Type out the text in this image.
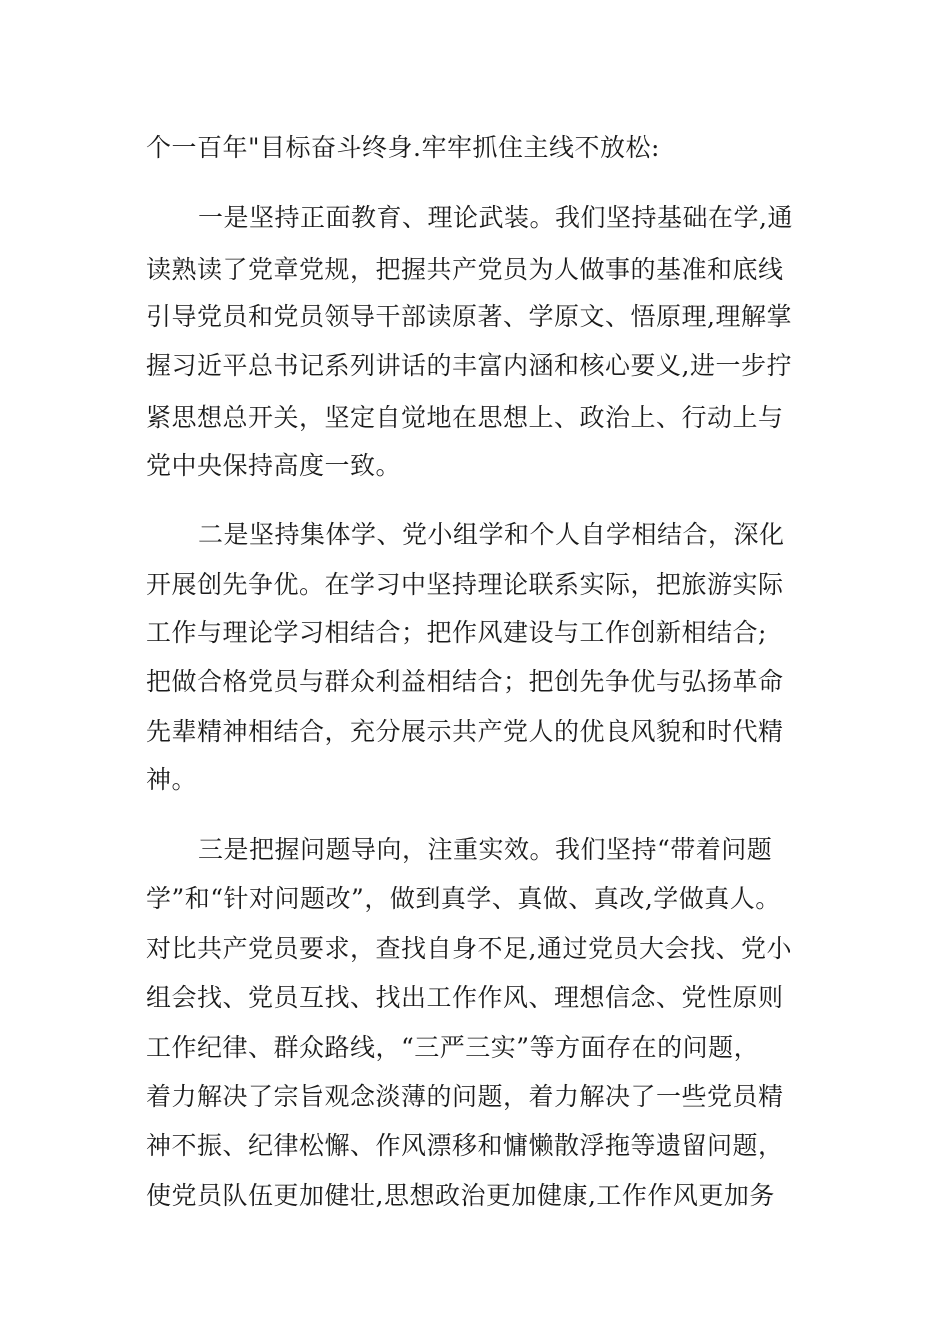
个一百年"目标奋斗终身.牢牢抓住主线不放松:
一是坚持正面教育、理论武装。我们坚持基础在学,通
读熟读了党章党规，把握共产党员为人做事的基准和底线
引导党员和党员领导干部读原著、学原文、悟原理,理解掌
握习近平总书记系列讲话的丰富内涵和核心要义,进一步拧
紧思想总开关，坚定自觉地在思想上、政治上、行动上与
党中央保持高度一致。
二是坚持集体学、党小组学和个人自学相结合，深化
开展创先争优。在学习中坚持理论联系实际，把旅游实际
工作与理论学习相结合；把作风建设与工作创新相结合;
把做合格党员与群众利益相结合；把创先争优与弘扬革命
先辈精神相结合，充分展示共产党人的优良风貌和时代精
神。
三是把握问题导向，注重实效。我们坚持“带着问题
学”和“针对问题改”，做到真学、真做、真改,学做真人。
对比共产党员要求，查找自身不足,通过党员大会找、党小
组会找、党员互找、找出工作作风、理想信念、党性原则
工作纪律、群众路线，“三严三实”等方面存在的问题，
着力解决了宗旨观念淡薄的问题，着力解决了一些党员精
神不振、纪律松懈、作风漂移和慵懒散浮拖等遗留问题，
使党员队伍更加健壮,思想政治更加健康,工作作风更加务
